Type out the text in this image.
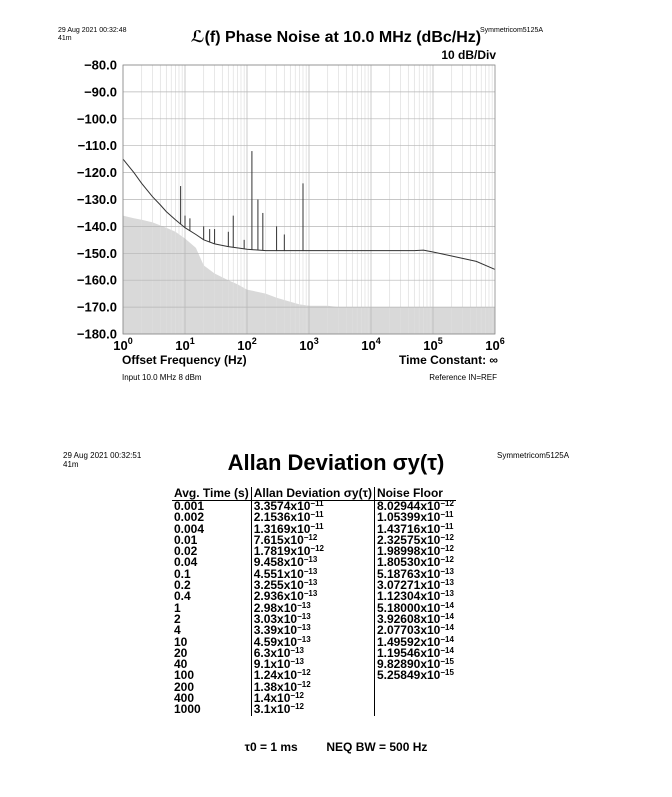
29 Aug 2021 00:32:48
41m
Symmetricom5125A
ℒ(f) Phase Noise at 10.0 MHz (dBc/Hz)
10 dB/Div
−80.0
−90.0
−100.0
−110.0
−120.0
−130.0
−140.0
−150.0
−160.0
−170.0
−180.0
$10^0$	$10^1$	$10^2$	$10^3$	$10^4$	$10^5$	$10^6$
Offset Frequency (Hz)	Time Constant: ∞
Input 10.0 MHz 8 dBm	Reference IN=REF
29 Aug 2021 00:32:51
41m
Symmetricom5125A
Allan Deviation σy(τ)
Avg. Time (s)	Allan Deviation σy(τ)	Noise Floor
0.001	$3.3574x10^{-11}$	$8.02944x10^{-12}$
0.002	$2.1536x10^{-11}$	$1.05399x10^{-11}$
0.004	$1.3169x10^{-11}$	$1.43716x10^{-11}$
0.01	$7.615x10^{-12}$	$2.32575x10^{-12}$
0.02	$1.7819x10^{-12}$	$1.98998x10^{-12}$
0.04	$9.458x10^{-13}$	$1.80530x10^{-12}$
0.1	$4.551x10^{-13}$	$5.18763x10^{-13}$
0.2	$3.255x10^{-13}$	$3.07271x10^{-13}$
0.4	$2.936x10^{-13}$	$1.12304x10^{-13}$
1	$2.98x10^{-13}$	$5.18000x10^{-14}$
2	$3.03x10^{-13}$	$3.92608x10^{-14}$
4	$3.39x10^{-13}$	$2.07703x10^{-14}$
10	$4.59x10^{-13}$	$1.49592x10^{-14}$
20	$6.3x10^{-13}$	$1.19546x10^{-14}$
40	$9.1x10^{-13}$	$9.82890x10^{-15}$
100	$1.24x10^{-12}$	$5.25849x10^{-15}$
200	$1.38x10^{-12}$	
400	$1.4x10^{-12}$	
1000	$3.1x10^{-12}$	
τ0 = 1 ms NEQ BW = 500 Hz
